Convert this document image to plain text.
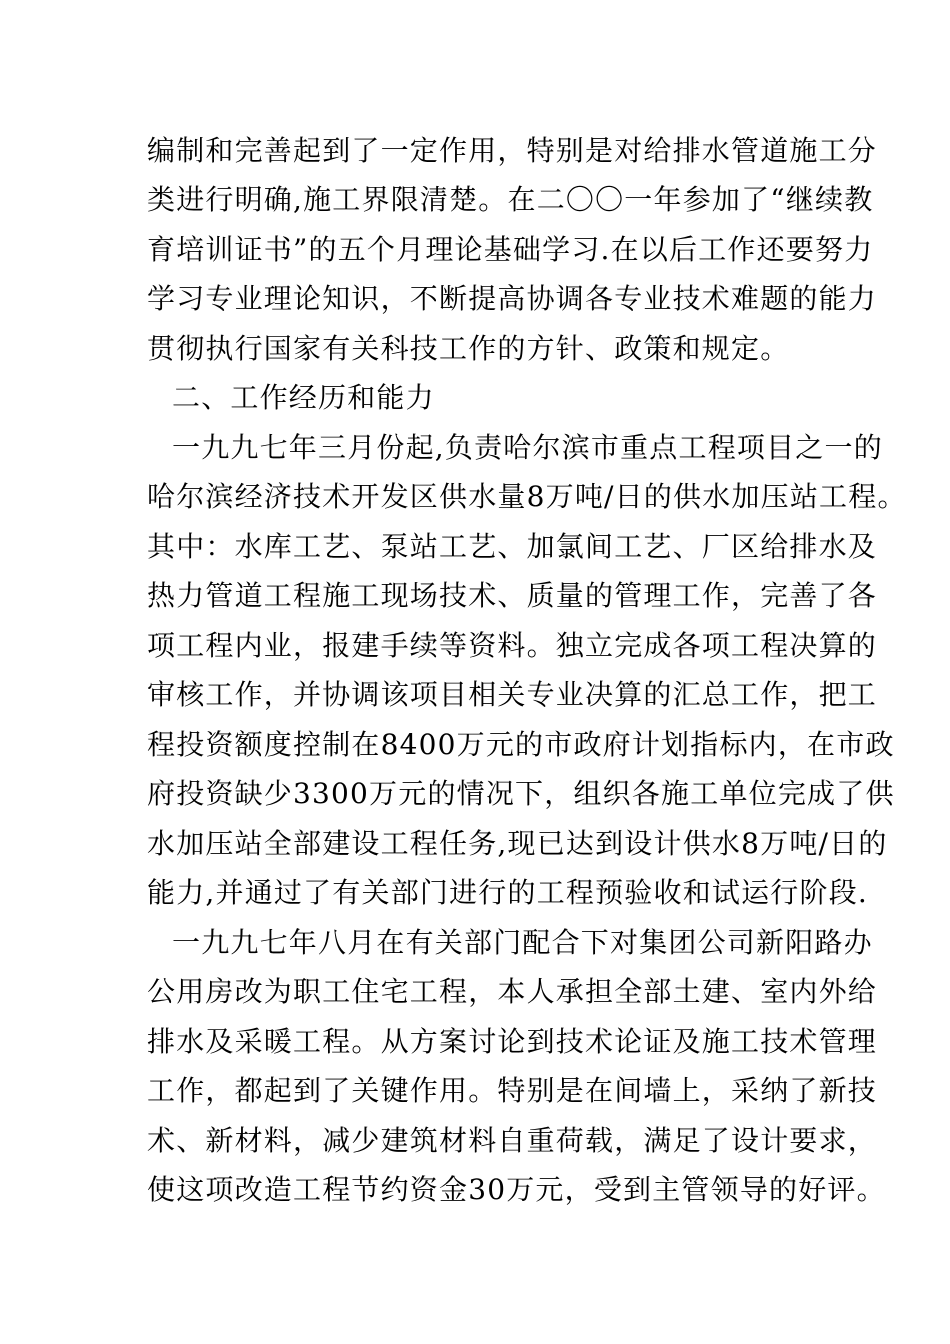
编制和完善起到了一定作用，特别是对给排水管道施工分
类进行明确,施工界限清楚。在二〇〇一年参加了“继续教
育培训证书”的五个月理论基础学习.在以后工作还要努力
学习专业理论知识，不断提高协调各专业技术难题的能力
贯彻执行国家有关科技工作的方针、政策和规定。
二、工作经历和能力
一九九七年三月份起,负责哈尔滨市重点工程项目之一的
哈尔滨经济技术开发区供水量8万吨/日的供水加压站工程。
其中：水库工艺、泵站工艺、加氯间工艺、厂区给排水及
热力管道工程施工现场技术、质量的管理工作，完善了各
项工程内业，报建手续等资料。独立完成各项工程决算的
审核工作，并协调该项目相关专业决算的汇总工作，把工
程投资额度控制在8400万元的市政府计划指标内，在市政
府投资缺少3300万元的情况下，组织各施工单位完成了供
水加压站全部建设工程任务,现已达到设计供水8万吨/日的
能力,并通过了有关部门进行的工程预验收和试运行阶段.
一九九七年八月在有关部门配合下对集团公司新阳路办
公用房改为职工住宅工程，本人承担全部土建、室内外给
排水及采暖工程。从方案讨论到技术论证及施工技术管理
工作，都起到了关键作用。特别是在间墙上，采纳了新技
术、新材料，减少建筑材料自重荷载，满足了设计要求，
使这项改造工程节约资金30万元，受到主管领导的好评。
